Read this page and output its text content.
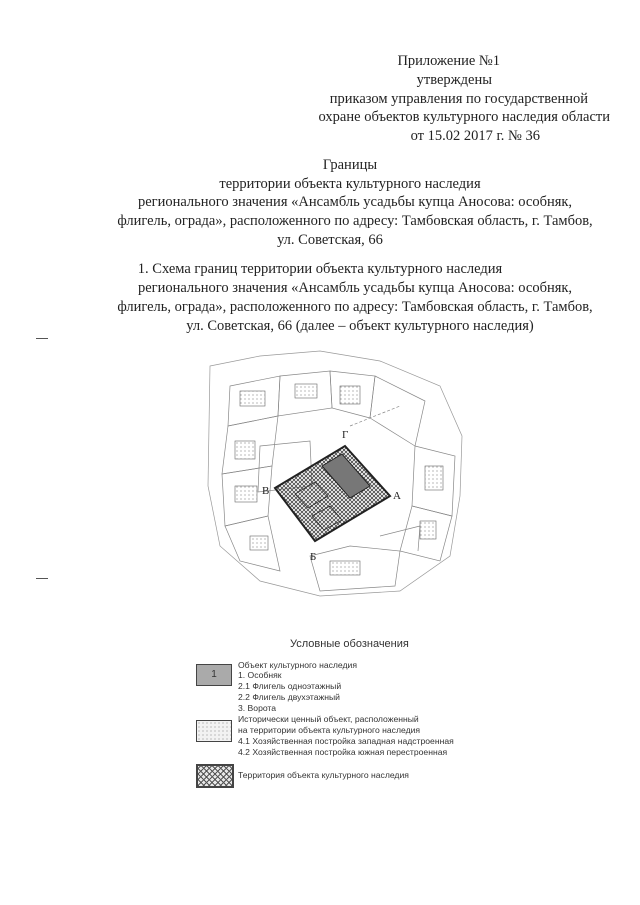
Приложение №1
утверждены
приказом управления по государственной
охране объектов культурного наследия области
от 15.02 2017 г. № 36
Границы
территории объекта культурного наследия
регионального значения «Ансамбль усадьбы купца Аносова: особняк,
флигель, ограда», расположенного по адресу: Тамбовская область, г. Тамбов,
ул. Советская, 66
1. Схема границ территории объекта культурного наследия
регионального значения «Ансамбль усадьбы купца Аносова: особняк,
флигель, ограда», расположенного по адресу: Тамбовская область, г. Тамбов,
ул. Советская, 66 (далее – объект культурного наследия)
Г
В	А
Б
Условные обозначения
1
Объект культурного наследия
1. Особняк
2.1 Флигель одноэтажный
2.2 Флигель двухэтажный
3. Ворота
Исторически ценный объект, расположенный
на территории объекта культурного наследия
4.1 Хозяйственная постройка западная надстроенная
4.2 Хозяйственная постройка южная перестроенная
Территория объекта культурного наследия
